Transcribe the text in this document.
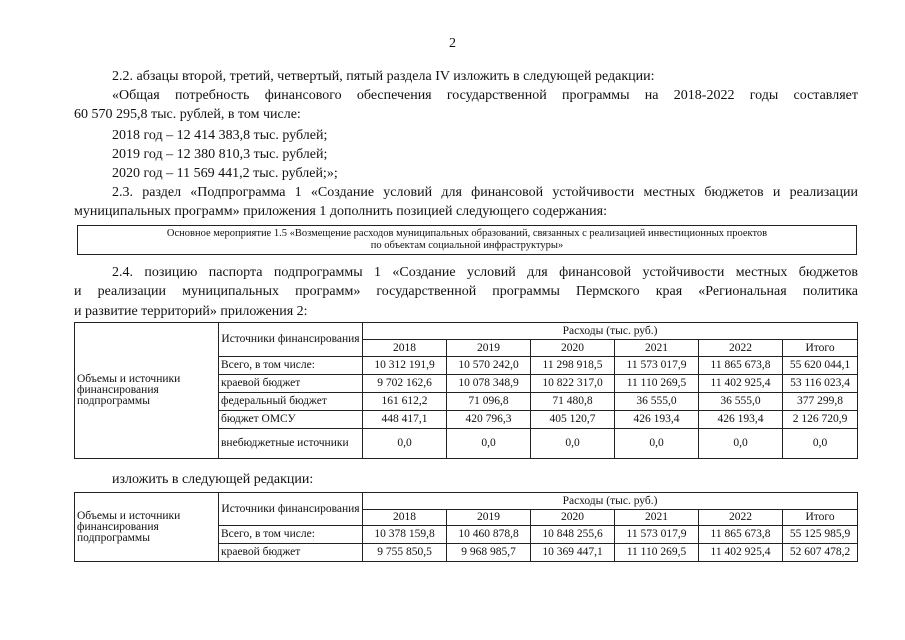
2

2.2. абзацы второй, третий, четвертый, пятый раздела IV изложить в следующей редакции:

«Общая потребность финансового обеспечения государственной программы на 2018-2022 годы составляет

60 570 295,8 тыс. рублей, в том числе:

2018 год – 12 414 383,8 тыс. рублей;

2019 год – 12 380 810,3 тыс. рублей;

2020 год – 11 569 441,2 тыс. рублей;»;

2.3. раздел «Подпрограмма 1 «Создание условий для финансовой устойчивости местных бюджетов и реализации

муниципальных программ» приложения 1 дополнить позицией следующего содержания:

Основное мероприятие 1.5 «Возмещение расходов муниципальных образований, связанных с реализацией инвестиционных проектов
по объектам социальной инфраструктуры»

2.4. позицию паспорта подпрограммы 1 «Создание условий для финансовой устойчивости местных бюджетов

и реализации муниципальных программ» государственной программы Пермского края «Региональная политика

и развитие территорий» приложения 2:

Объемы и источники финансирования подпрограммы	Источники финансирования	Расходы (тыс. руб.)					
		2018	2019	2020	2021	2022	Итого
	Всего, в том числе:	10 312 191,9	10 570 242,0	11 298 918,5	11 573 017,9	11 865 673,8	55 620 044,1
	краевой бюджет	9 702 162,6	10 078 348,9	10 822 317,0	11 110 269,5	11 402 925,4	53 116 023,4
	федеральный бюджет	161 612,2	71 096,8	71 480,8	36 555,0	36 555,0	377 299,8
	бюджет ОМСУ	448 417,1	420 796,3	405 120,7	426 193,4	426 193,4	2 126 720,9
	внебюджетные источники	0,0	0,0	0,0	0,0	0,0	0,0

изложить в следующей редакции:

Объемы и источники финансирования подпрограммы	Источники финансирования	Расходы (тыс. руб.)					
		2018	2019	2020	2021	2022	Итого
	Всего, в том числе:	10 378 159,8	10 460 878,8	10 848 255,6	11 573 017,9	11 865 673,8	55 125 985,9
	краевой бюджет	9 755 850,5	9 968 985,7	10 369 447,1	11 110 269,5	11 402 925,4	52 607 478,2
